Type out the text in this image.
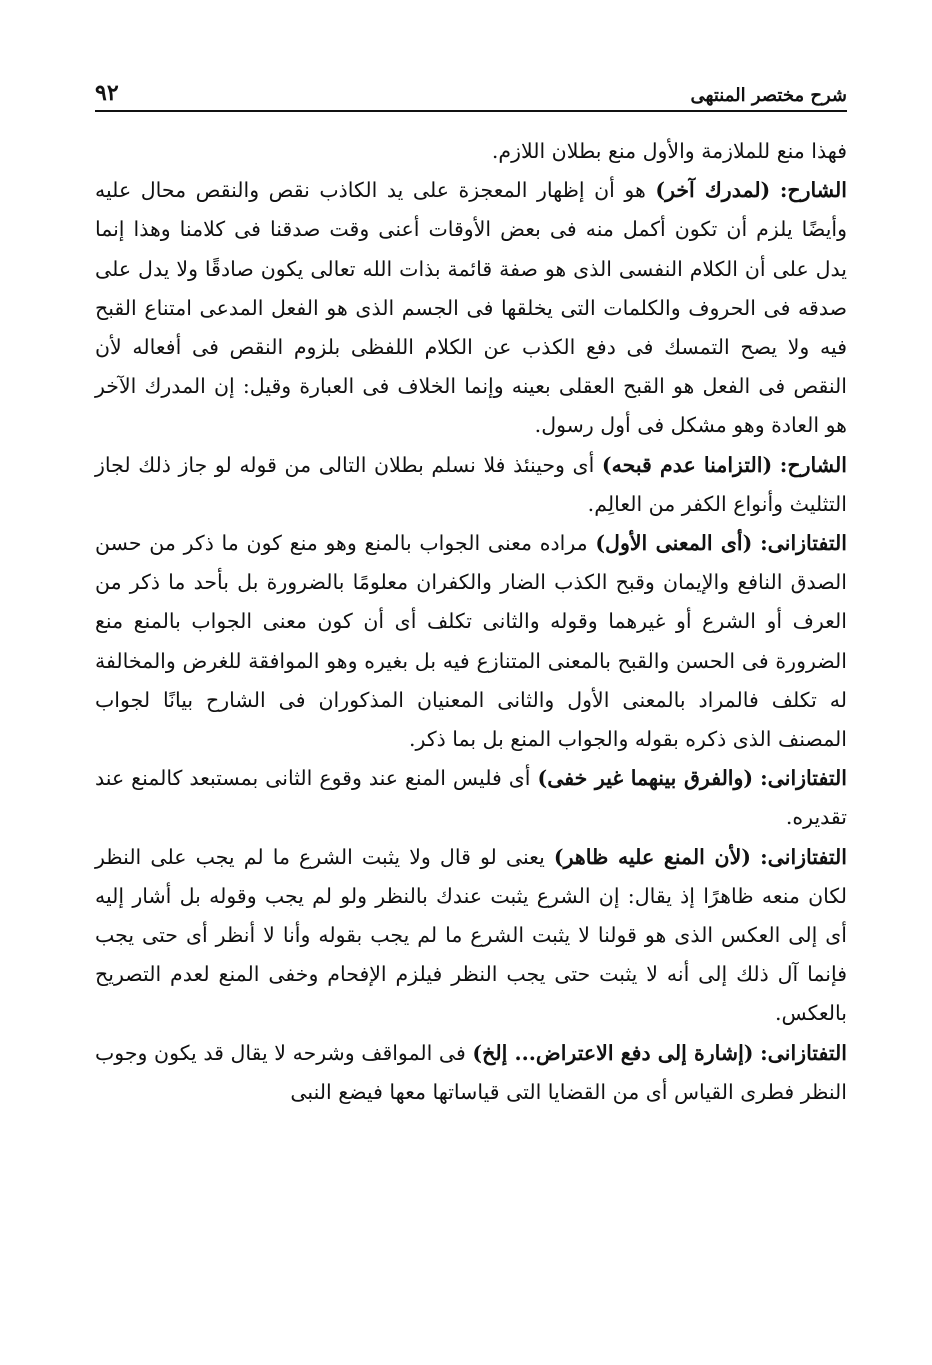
شرح مختصر المنتهى
٩٢

فهذا منع للملازمة والأول منع بطلان اللازم.

الشارح: (لمدرك آخر) هو أن إظهار المعجزة على يد الكاذب نقص والنقص محال عليه وأيضًا يلزم أن تكون أكمل منه فى بعض الأوقات أعنى وقت صدقنا فى كلامنا وهذا إنما يدل على أن الكلام النفسى الذى هو صفة قائمة بذات الله تعالى يكون صادقًا ولا يدل على صدقه فى الحروف والكلمات التى يخلقها فى الجسم الذى هو الفعل المدعى امتناع القبح فيه ولا يصح التمسك فى دفع الكذب عن الكلام اللفظى بلزوم النقص فى أفعاله لأن النقص فى الفعل هو القبح العقلى بعينه وإنما الخلاف فى العبارة وقيل: إن المدرك الآخر هو العادة وهو مشكل فى أول رسول.

الشارح: (التزامنا عدم قبحه) أى وحينئذ فلا نسلم بطلان التالى من قوله لو جاز ذلك لجاز التثليث وأنواع الكفر من العالِم.

التفتازانى: (أى المعنى الأول) مراده معنى الجواب بالمنع وهو منع كون ما ذكر من حسن الصدق النافع والإيمان وقبح الكذب الضار والكفران معلومًا بالضرورة بل بأحد ما ذكر من العرف أو الشرع أو غيرهما وقوله والثانى تكلف أى أن كون معنى الجواب بالمنع منع الضرورة فى الحسن والقبح بالمعنى المتنازع فيه بل بغيره وهو الموافقة للغرض والمخالفة له تكلف فالمراد بالمعنى الأول والثانى المعنيان المذكوران فى الشارح بيانًا لجواب المصنف الذى ذكره بقوله والجواب المنع بل بما ذكر.

التفتازانى: (والفرق بينهما غير خفى) أى فليس المنع عند وقوع الثانى بمستبعد كالمنع عند تقديره.

التفتازانى: (لأن المنع عليه ظاهر) يعنى لو قال ولا يثبت الشرع ما لم يجب على النظر لكان منعه ظاهرًا إذ يقال: إن الشرع يثبت عندك بالنظر ولو لم يجب وقوله بل أشار إليه أى إلى العكس الذى هو قولنا لا يثبت الشرع ما لم يجب بقوله وأنا لا أنظر أى حتى يجب فإنما آل ذلك إلى أنه لا يثبت حتى يجب النظر فيلزم الإفحام وخفى المنع لعدم التصريح بالعكس.

التفتازانى: (إشارة إلى دفع الاعتراض... إلخ) فى المواقف وشرحه لا يقال قد يكون وجوب النظر فطرى القياس أى من القضايا التى قياساتها معها فيضع النبى
